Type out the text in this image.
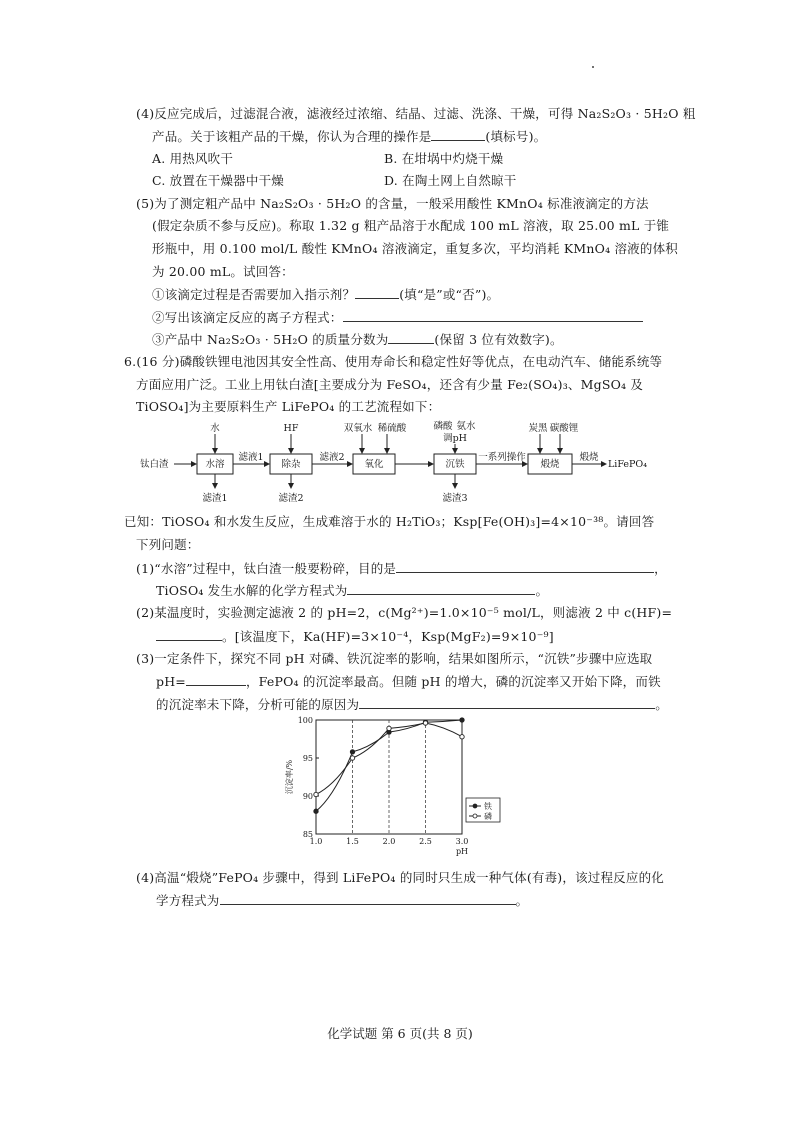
(4)反应完成后，过滤混合液，滤液经过浓缩、结晶、过滤、洗涤、干燥，可得 Na₂S₂O₃ · 5H₂O 粗
产品。关于该粗产品的干燥，你认为合理的操作是	(填标号)。
A. 用热风吹干	B. 在坩埚中灼烧干燥
C. 放置在干燥器中干燥	D. 在陶土网上自然晾干
(5)为了测定粗产品中 Na₂S₂O₃ · 5H₂O 的含量，一般采用酸性 KMnO₄ 标准液滴定的方法
(假定杂质不参与反应)。称取 1.32 g 粗产品溶于水配成 100 mL 溶液，取 25.00 mL 于锥
形瓶中，用 0.100 mol/L 酸性 KMnO₄ 溶液滴定，重复多次，平均消耗 KMnO₄ 溶液的体积
为 20.00 mL。试回答：
①该滴定过程是否需要加入指示剂？	(填“是”或“否”)。
②写出该滴定反应的离子方程式：
③产品中 Na₂S₂O₃ · 5H₂O 的质量分数为	(保留 3 位有效数字)。
6.(16 分)磷酸铁锂电池因其安全性高、使用寿命长和稳定性好等优点，在电动汽车、储能系统等
方面应用广泛。工业上用钛白渣[主要成分为 FeSO₄，还含有少量 Fe₂(SO₄)₃、MgSO₄ 及
TiOSO₄]为主要原料生产 LiFePO₄ 的工艺流程如下：
钛白渣	水溶	除杂	氧化	沉铁	煅烧
水	HF	双氧水 稀硫酸	磷酸 氨水
调pH
炭黑 碳酸锂
滤液1	滤液2	一系列操作	煅烧
LiFePO₄
滤渣1	滤渣2	滤渣3
已知：TiOSO₄ 和水发生反应，生成难溶于水的 H₂TiO₃；Ksp[Fe(OH)₃]=4×10⁻³⁸。请回答
下列问题：
(1)“水溶”过程中，钛白渣一般要粉碎，目的是	，
TiOSO₄ 发生水解的化学方程式为	。
(2)某温度时，实验测定滤液 2 的 pH=2，c(Mg²⁺)=1.0×10⁻⁵ mol/L，则滤液 2 中 c(HF)=
。[该温度下，Ka(HF)=3×10⁻⁴，Ksp(MgF₂)=9×10⁻⁹]
(3)一定条件下，探究不同 pH 对磷、铁沉淀率的影响，结果如图所示，“沉铁”步骤中应选取
pH=	，FePO₄ 的沉淀率最高。但随 pH 的增大，磷的沉淀率又开始下降，而铁
的沉淀率未下降，分析可能的原因为	。
1.0	1.5	2.0	2.5	3.0
85
90
95
100
pH
沉淀率/%
铁
磷
(4)高温“煅烧”FePO₄ 步骤中，得到 LiFePO₄ 的同时只生成一种气体(有毒)，该过程反应的化
学方程式为	。
化学试题 第 6 页(共 8 页)
